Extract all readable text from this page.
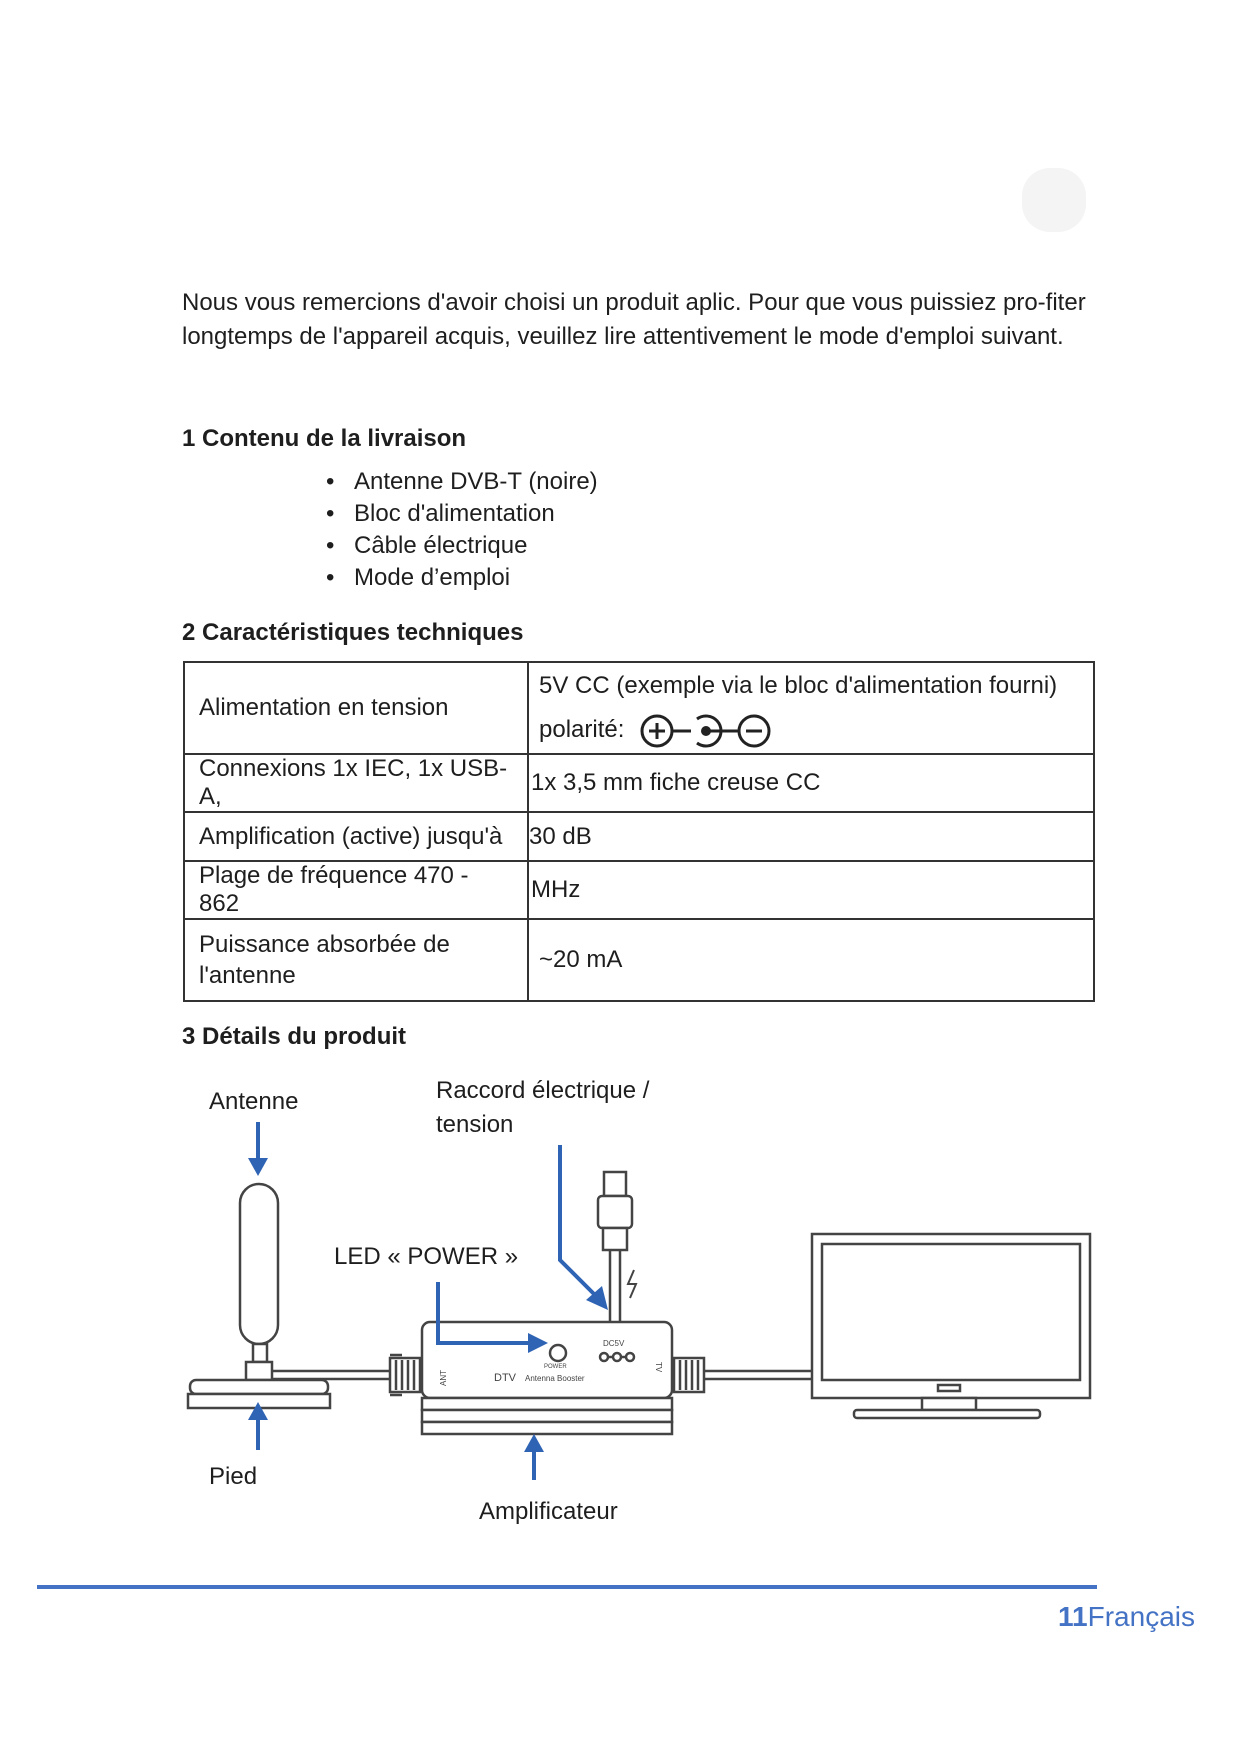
Nous vous remercions d'avoir choisi un produit aplic. Pour que vous puissiez pro-fiter longtemps de l'appareil acquis, veuillez lire attentivement le mode d'emploi suivant.

1 Contenu de la livraison
• Antenne DVB-T (noire)
• Bloc d'alimentation
• Câble électrique
• Mode d’emploi
2 Caractéristiques techniques
Alimentation en tension	5V CC (exemple via le bloc d'alimentation fourni) polarité:
Connexions 1x IEC, 1x USB-A,	1x 3,5 mm fiche creuse CC
Amplification (active) jusqu'à	30 dB
Plage de fréquence 470 - 862	MHz
Puissance absorbée de l'antenne	~20 mA
3 Détails du produit
Antenne	Raccord électrique / tension
LED « POWER »
Pied
Amplificateur
DC5V
POWER
DTV Antenna Booster
ANT
TV
11Français
